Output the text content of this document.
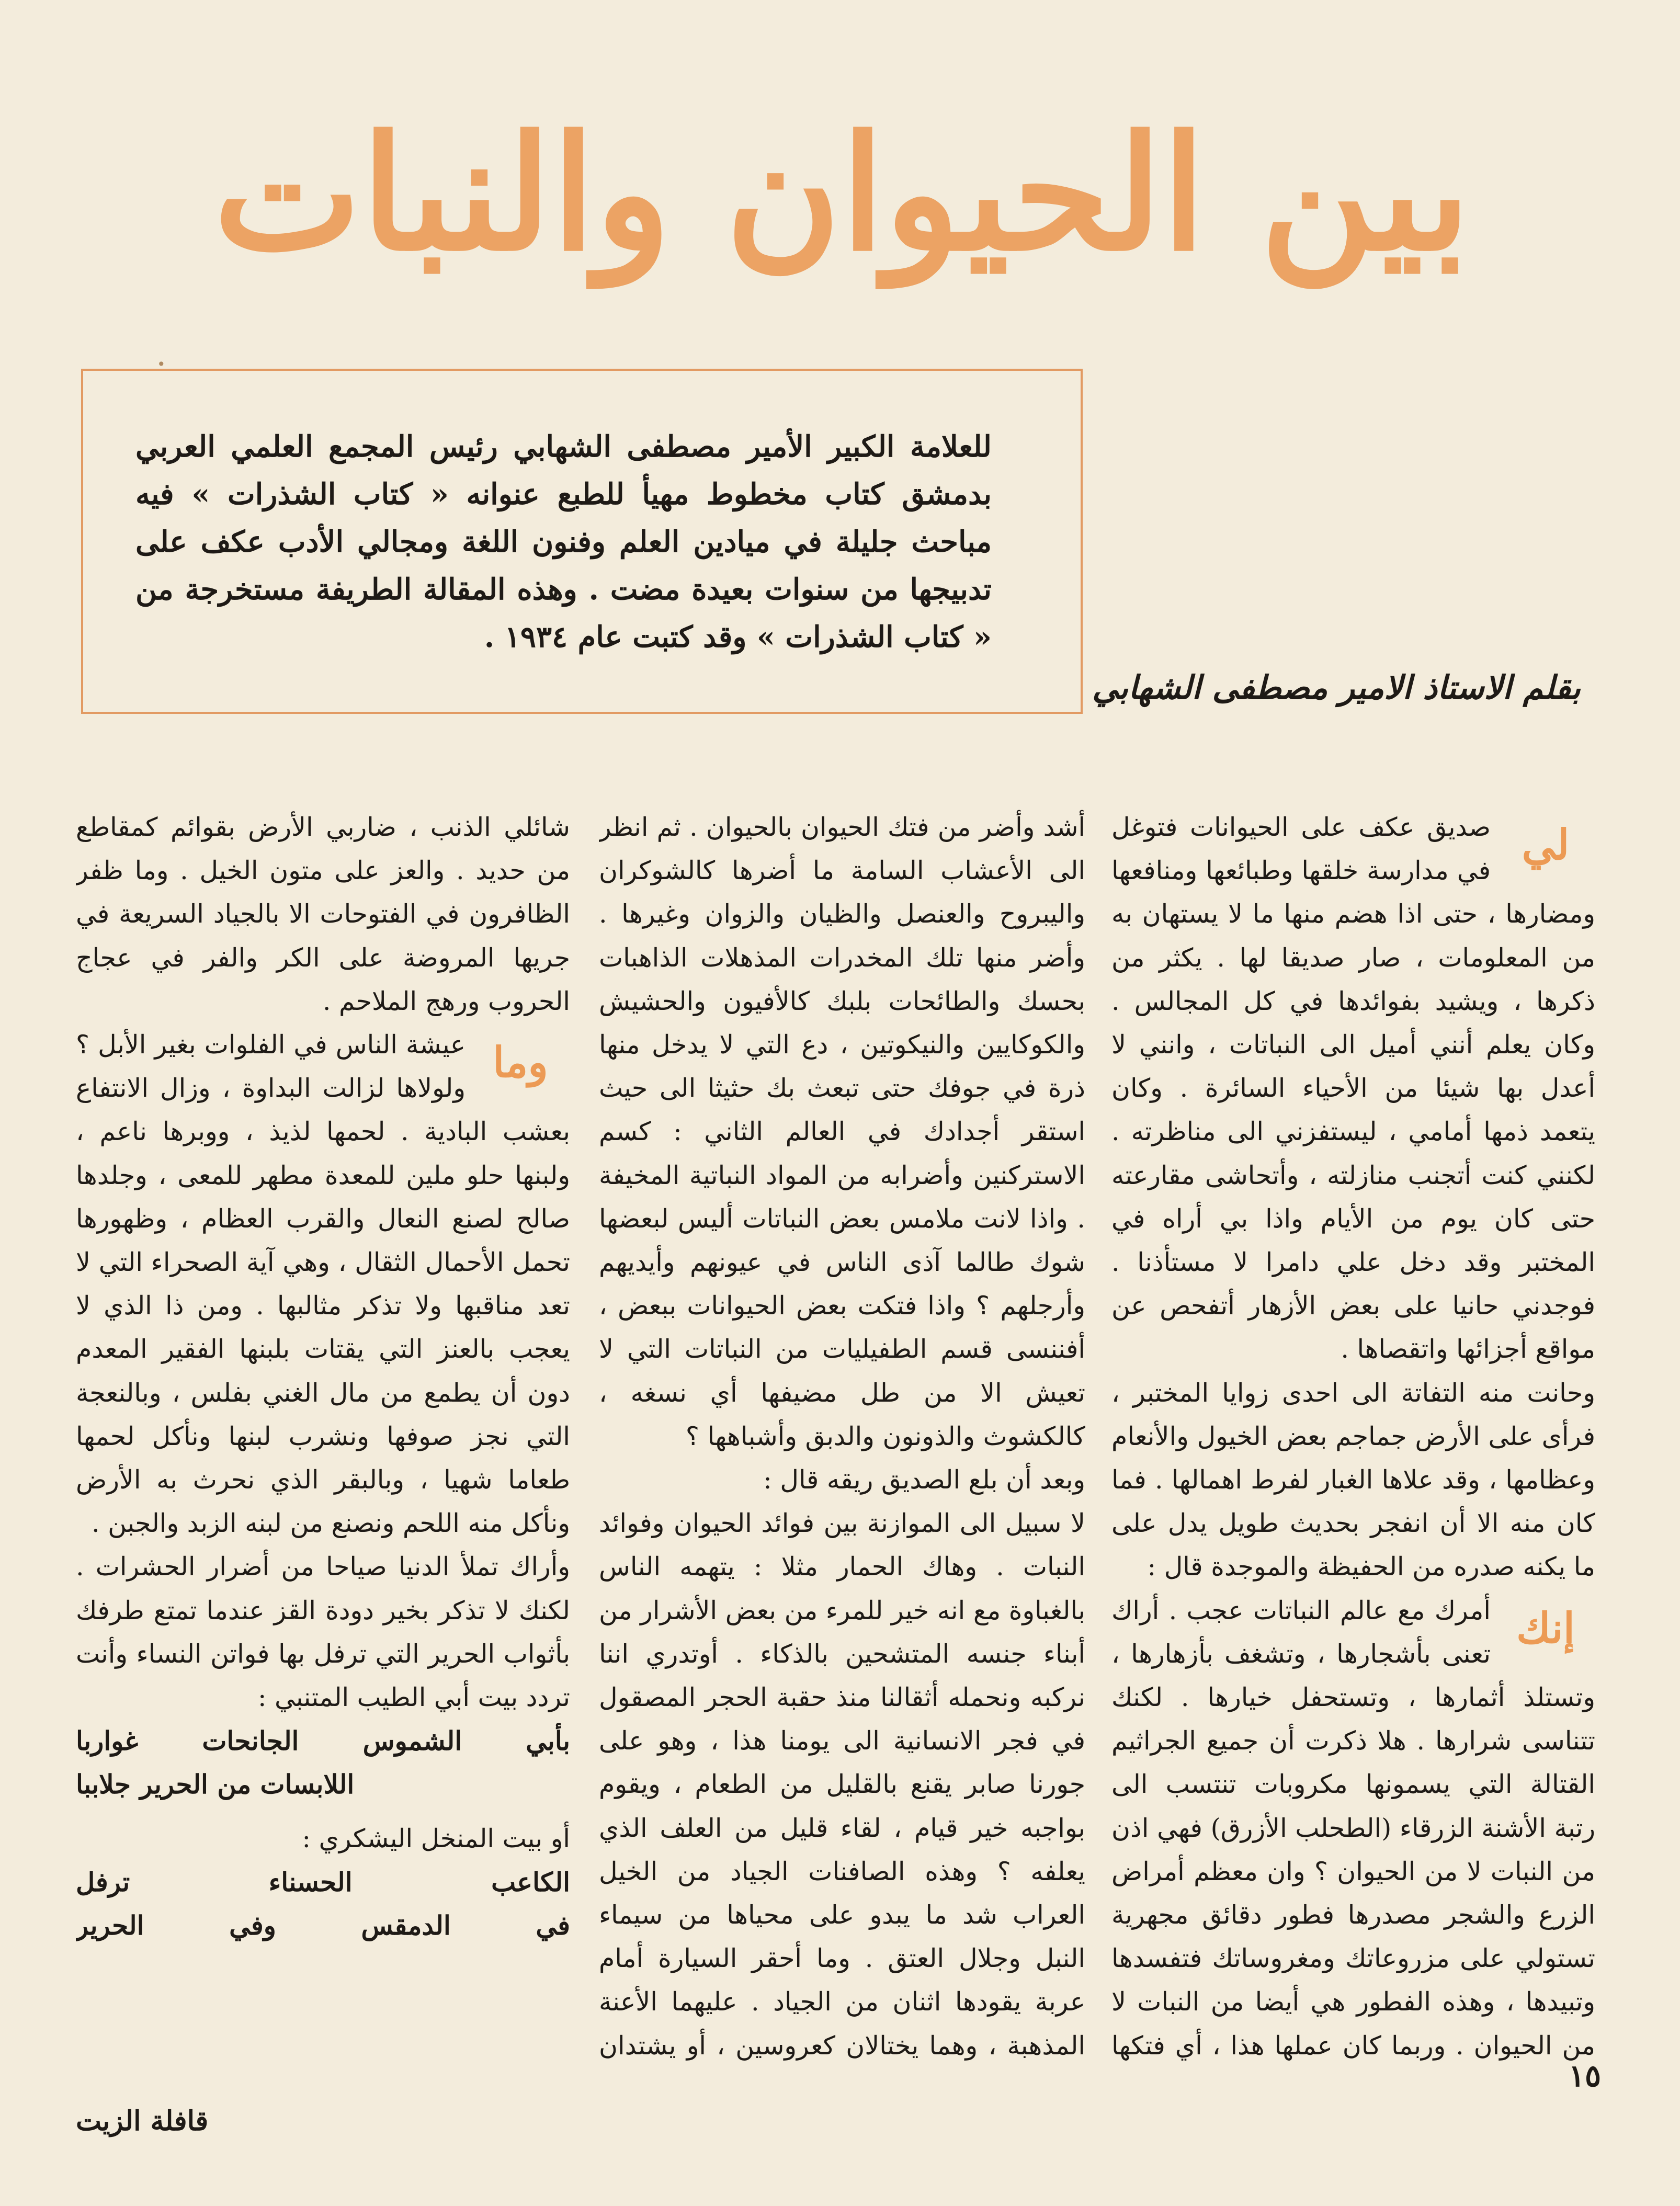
بين الحيوان والنبات
•

للعلامة الكبير الأمير مصطفى الشهابي رئيس المجمع العلمي العربي بدمشق كتاب مخطوط مهيأ للطبع عنوانه « كتاب الشذرات » فيه مباحث جليلة في ميادين العلم وفنون اللغة ومجالي الأدب عكف على تدبيجها من سنوات بعيدة مضت . وهذه المقالة الطريفة مستخرجة من « كتاب الشذرات » وقد كتبت عام ١٩٣٤ .

بقلم الاستاذ الامير مصطفى الشهابي
لي

صديق عكف على الحيوانات فتوغل في مدارسة خلقها وطبائعها ومنافعها ومضارها ، حتى اذا هضم منها ما لا يستهان به من المعلومات ، صار صديقا لها . يكثر من ذكرها ، ويشيد بفوائدها في كل المجالس . وكان يعلم أنني أميل الى النباتات ، وانني لا أعدل بها شيئا من الأحياء السائرة . وكان يتعمد ذمها أمامي ، ليستفزني الى مناظرته . لكنني كنت أتجنب منازلته ، وأتحاشى مقارعته حتى كان يوم من الأيام واذا بي أراه في المختبر وقد دخل علي دامرا لا مستأذنا . فوجدني حانيا على بعض الأزهار أتفحص عن مواقع أجزائها واتقصاها .

وحانت منه التفاتة الى احدى زوايا المختبر ، فرأى على الأرض جماجم بعض الخيول والأنعام وعظامها ، وقد علاها الغبار لفرط اهمالها . فما كان منه الا أن انفجر بحديث طويل يدل على ما يكنه صدره من الحفيظة والموجدة قال :

إنك

أمرك مع عالم النباتات عجب . أراك تعنى بأشجارها ، وتشغف بأزهارها ، وتستلذ أثمارها ، وتستحفل خيارها . لكنك تتناسى شرارها . هلا ذكرت أن جميع الجراثيم القتالة التي يسمونها مكروبات تنتسب الى رتبة الأشنة الزرقاء (الطحلب الأزرق) فهي اذن من النبات لا من الحيوان ؟ وان معظم أمراض الزرع والشجر مصدرها فطور دقائق مجهرية تستولي على مزروعاتك ومغروساتك فتفسدها وتبيدها ، وهذه الفطور هي أيضا من النبات لا من الحيوان . وربما كان عملها هذا ، أي فتكها

أشد وأضر من فتك الحيوان بالحيوان . ثم انظر الى الأعشاب السامة ما أضرها كالشوكران واليبروح والعنصل والظيان والزوان وغيرها . وأضر منها تلك المخدرات المذهلات الذاهبات بحسك والطائحات بلبك كالأفيون والحشيش والكوكايين والنيكوتين ، دع التي لا يدخل منها ذرة في جوفك حتى تبعث بك حثيثا الى حيث استقر أجدادك في العالم الثاني : كسم الاستركنين وأضرابه من المواد النباتية المخيفة . واذا لانت ملامس بعض النباتات أليس لبعضها شوك طالما آذى الناس في عيونهم وأيديهم وأرجلهم ؟ واذا فتكت بعض الحيوانات ببعض ، أفننسى قسم الطفيليات من النباتات التي لا تعيش الا من طل مضيفها أي نسغه ، كالكشوث والذونون والدبق وأشباهها ؟

وبعد أن بلع الصديق ريقه قال :

لا سبيل الى الموازنة بين فوائد الحيوان وفوائد النبات . وهاك الحمار مثلا : يتهمه الناس بالغباوة مع انه خير للمرء من بعض الأشرار من أبناء جنسه المتشحين بالذكاء . أوتدري اننا نركبه ونحمله أثقالنا منذ حقبة الحجر المصقول في فجر الانسانية الى يومنا هذا ، وهو على جورنا صابر يقنع بالقليل من الطعام ، ويقوم بواجبه خير قيام ، لقاء قليل من العلف الذي يعلفه ؟ وهذه الصافنات الجياد من الخيل العراب شد ما يبدو على محياها من سيماء النبل وجلال العتق . وما أحقر السيارة أمام عربة يقودها اثنان من الجياد . عليهما الأعنة المذهبة ، وهما يختالان كعروسين ، أو يشتدان

شائلي الذنب ، ضاربي الأرض بقوائم كمقاطع من حديد . والعز على متون الخيل . وما ظفر الظافرون في الفتوحات الا بالجياد السريعة في جريها المروضة على الكر والفر في عجاج الحروب ورهج الملاحم .

وما

عيشة الناس في الفلوات بغير الأبل ؟ ولولاها لزالت البداوة ، وزال الانتفاع بعشب البادية . لحمها لذيذ ، ووبرها ناعم ، ولبنها حلو ملين للمعدة مطهر للمعى ، وجلدها صالح لصنع النعال والقرب العظام ، وظهورها تحمل الأحمال الثقال ، وهي آية الصحراء التي لا تعد مناقبها ولا تذكر مثالبها . ومن ذا الذي لا يعجب بالعنز التي يقتات بلبنها الفقير المعدم دون أن يطمع من مال الغني بفلس ، وبالنعجة التي نجز صوفها ونشرب لبنها ونأكل لحمها طعاما شهيا ، وبالبقر الذي نحرث به الأرض ونأكل منه اللحم ونصنع من لبنه الزبد والجبن .

وأراك تملأ الدنيا صياحا من أضرار الحشرات . لكنك لا تذكر بخير دودة القز عندما تمتع طرفك بأثواب الحرير التي ترفل بها فواتن النساء وأنت تردد بيت أبي الطيب المتنبي :

بأبي الشموس الجانحات غواربا

اللابسات من الحرير جلاببا

أو بيت المنخل اليشكري :

الكاعب الحسناء ترفل

في الدمقس وفي الحرير

١٥
قافلة الزيت
